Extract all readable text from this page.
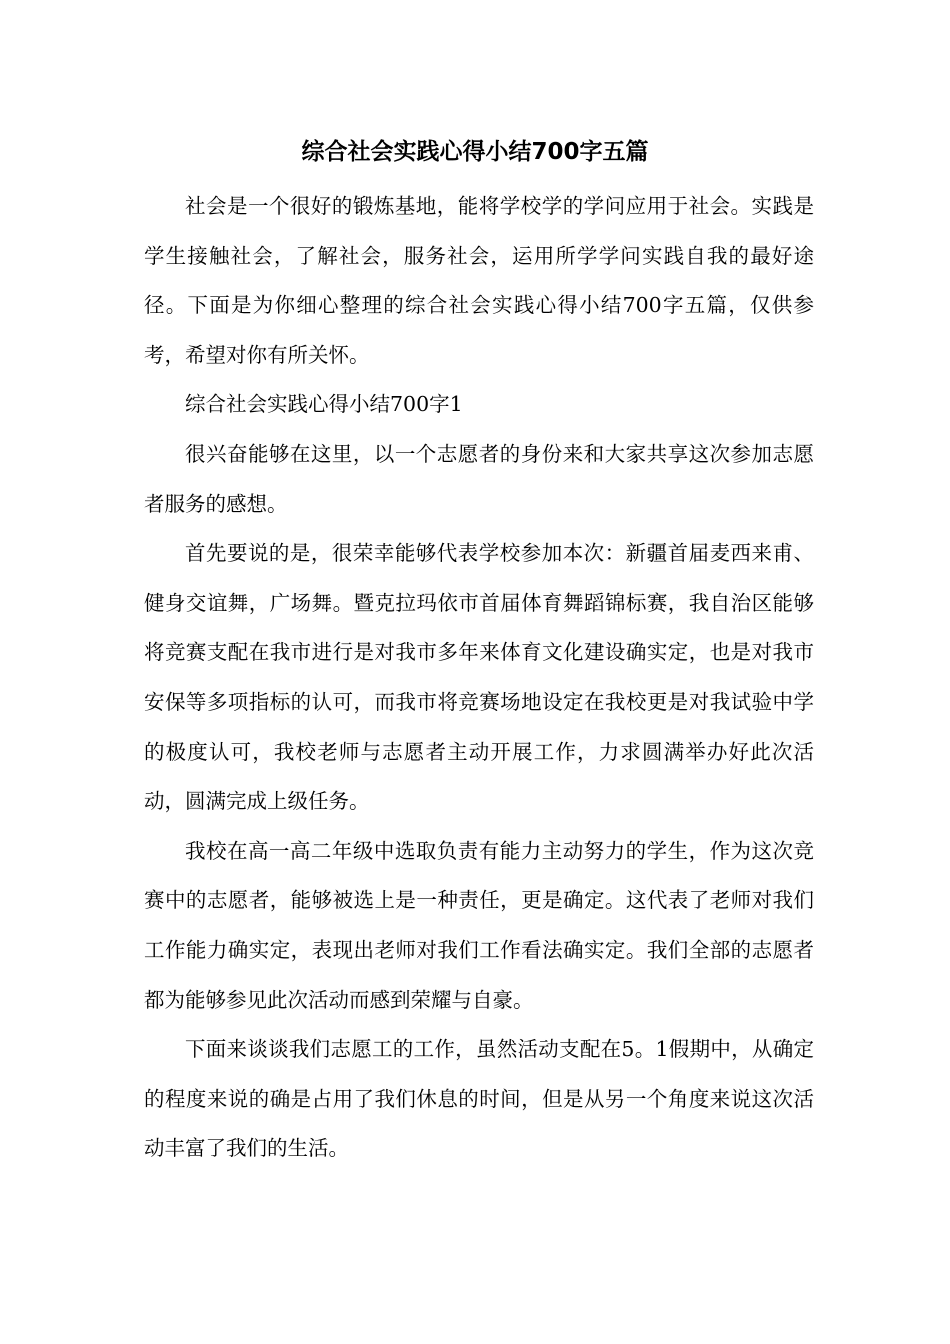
综合社会实践心得小结700字五篇

社会是一个很好的锻炼基地，能将学校学的学问应用于社会。实践是学生接触社会，了解社会，服务社会，运用所学学问实践自我的最好途径。下面是为你细心整理的综合社会实践心得小结700字五篇，仅供参考，希望对你有所关怀。

综合社会实践心得小结700字1

很兴奋能够在这里，以一个志愿者的身份来和大家共享这次参加志愿者服务的感想。

首先要说的是，很荣幸能够代表学校参加本次：新疆首届麦西来甫、健身交谊舞，广场舞。暨克拉玛依市首届体育舞蹈锦标赛，我自治区能够将竞赛支配在我市进行是对我市多年来体育文化建设确实定，也是对我市安保等多项指标的认可，而我市将竞赛场地设定在我校更是对我试验中学的极度认可，我校老师与志愿者主动开展工作，力求圆满举办好此次活动，圆满完成上级任务。

我校在高一高二年级中选取负责有能力主动努力的学生，作为这次竞赛中的志愿者，能够被选上是一种责任，更是确定。这代表了老师对我们工作能力确实定，表现出老师对我们工作看法确实定。我们全部的志愿者都为能够参见此次活动而感到荣耀与自豪。

下面来谈谈我们志愿工的工作，虽然活动支配在5。1假期中，从确定的程度来说的确是占用了我们休息的时间，但是从另一个角度来说这次活动丰富了我们的生活。
